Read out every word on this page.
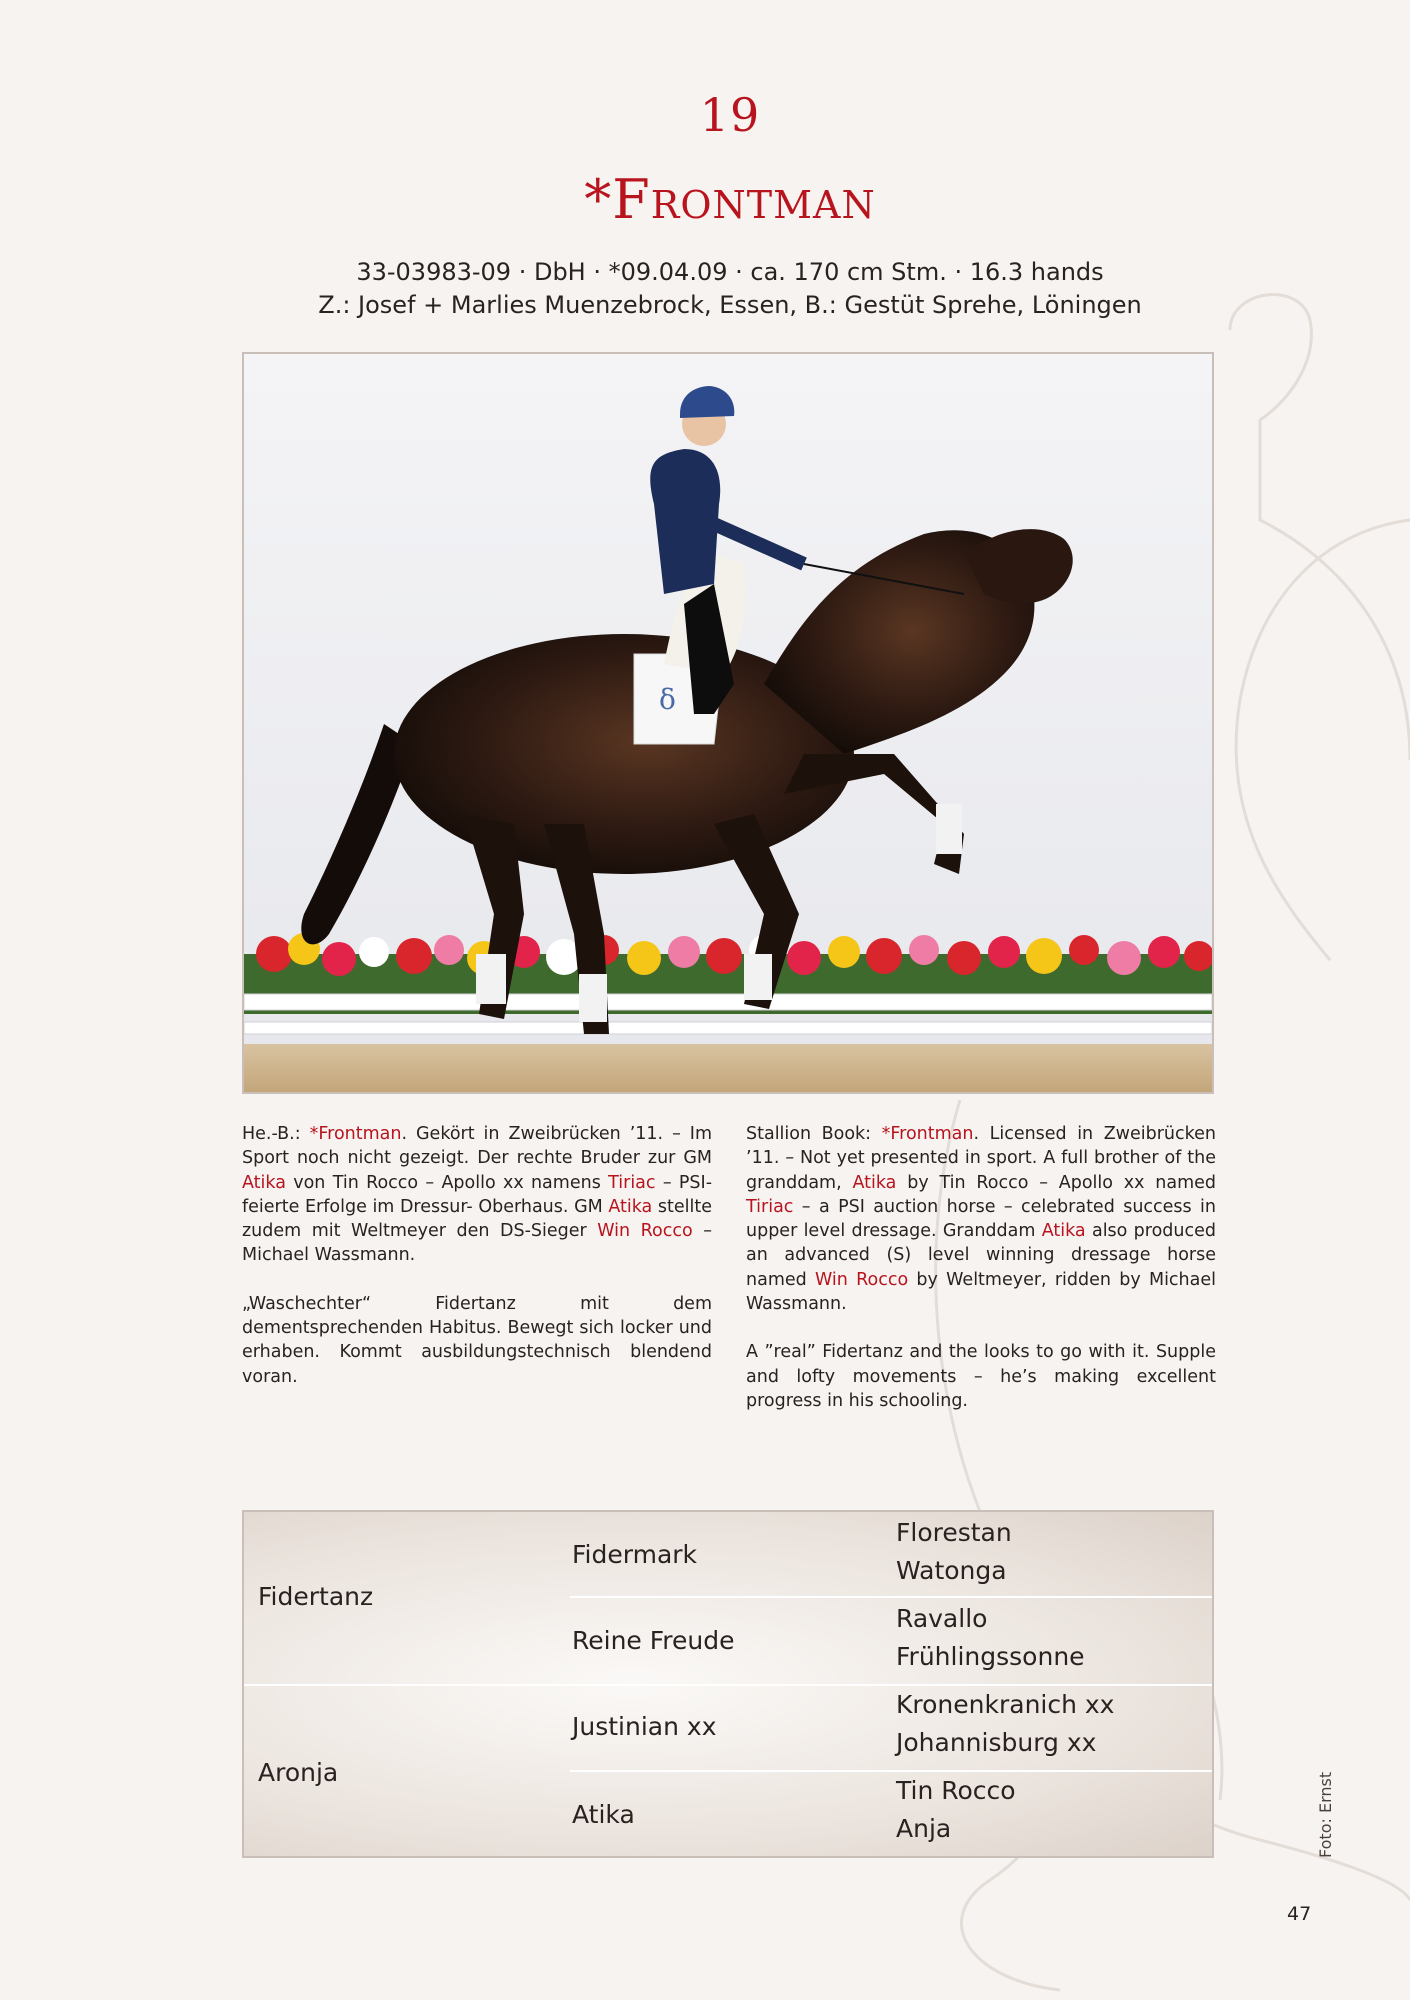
19
*Frontman
33-03983-09 · DbH · *09.04.09 · ca. 170 cm Stm. · 16.3 hands
Z.: Josef + Marlies Muenzebrock, Essen, B.: Gestüt Sprehe, Löningen
δ

He.-B.: *Frontman. Gekört in Zweibrücken ’11. – Im Sport noch nicht gezeigt. Der rechte Bruder zur GM Atika von Tin Rocco – Apollo xx namens Tiriac – PSI- feierte Erfolge im Dressur- Oberhaus. GM Atika stellte zudem mit Weltmeyer den DS-Sieger Win Rocco – Michael Wassmann.

„Waschechter“ Fidertanz mit dem dementsprechenden Habitus. Bewegt sich locker und erhaben. Kommt ausbildungstechnisch blendend voran.

Stallion Book: *Frontman. Licensed in Zweibrücken ’11. – Not yet presented in sport. A full brother of the granddam, Atika by Tin Rocco – Apollo xx named Tiriac – a PSI auction horse – celebrated success in upper level dressage. Granddam Atika also produced an advanced (S) level winning dressage horse named Win Rocco by Weltmeyer, ridden by Michael Wassmann.

A ”real” Fidertanz and the looks to go with it. Supple and lofty movements – he’s making excellent progress in his schooling.

Fidertanz
Aronja
Fidermark
Reine Freude
Justinian xx
Atika
Florestan
Watonga
Ravallo
Frühlingssonne
Kronenkranich xx
Johannisburg xx
Tin Rocco
Anja	Foto: Ernst
47
